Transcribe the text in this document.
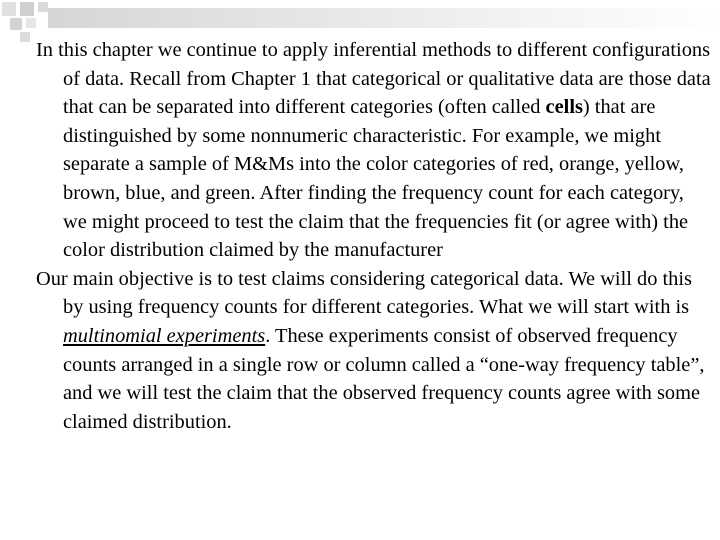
In this chapter we continue to apply inferential methods to different configurations of data. Recall from Chapter 1 that categorical or qualitative data are those data that can be separated into different categories (often called cells) that are distinguished by some nonnumeric characteristic. For example, we might separate a sample of M&Ms into the color categories of red, orange, yellow, brown, blue, and green. After finding the frequency count for each category, we might proceed to test the claim that the frequencies fit (or agree with) the color distribution claimed by the manufacturer

Our main objective is to test claims considering categorical data. We will do this by using frequency counts for different categories. What we will start with is multinomial experiments. These experiments consist of observed frequency counts arranged in a single row or column called a “one-way frequency table”, and we will test the claim that the observed frequency counts agree with some claimed distribution.
